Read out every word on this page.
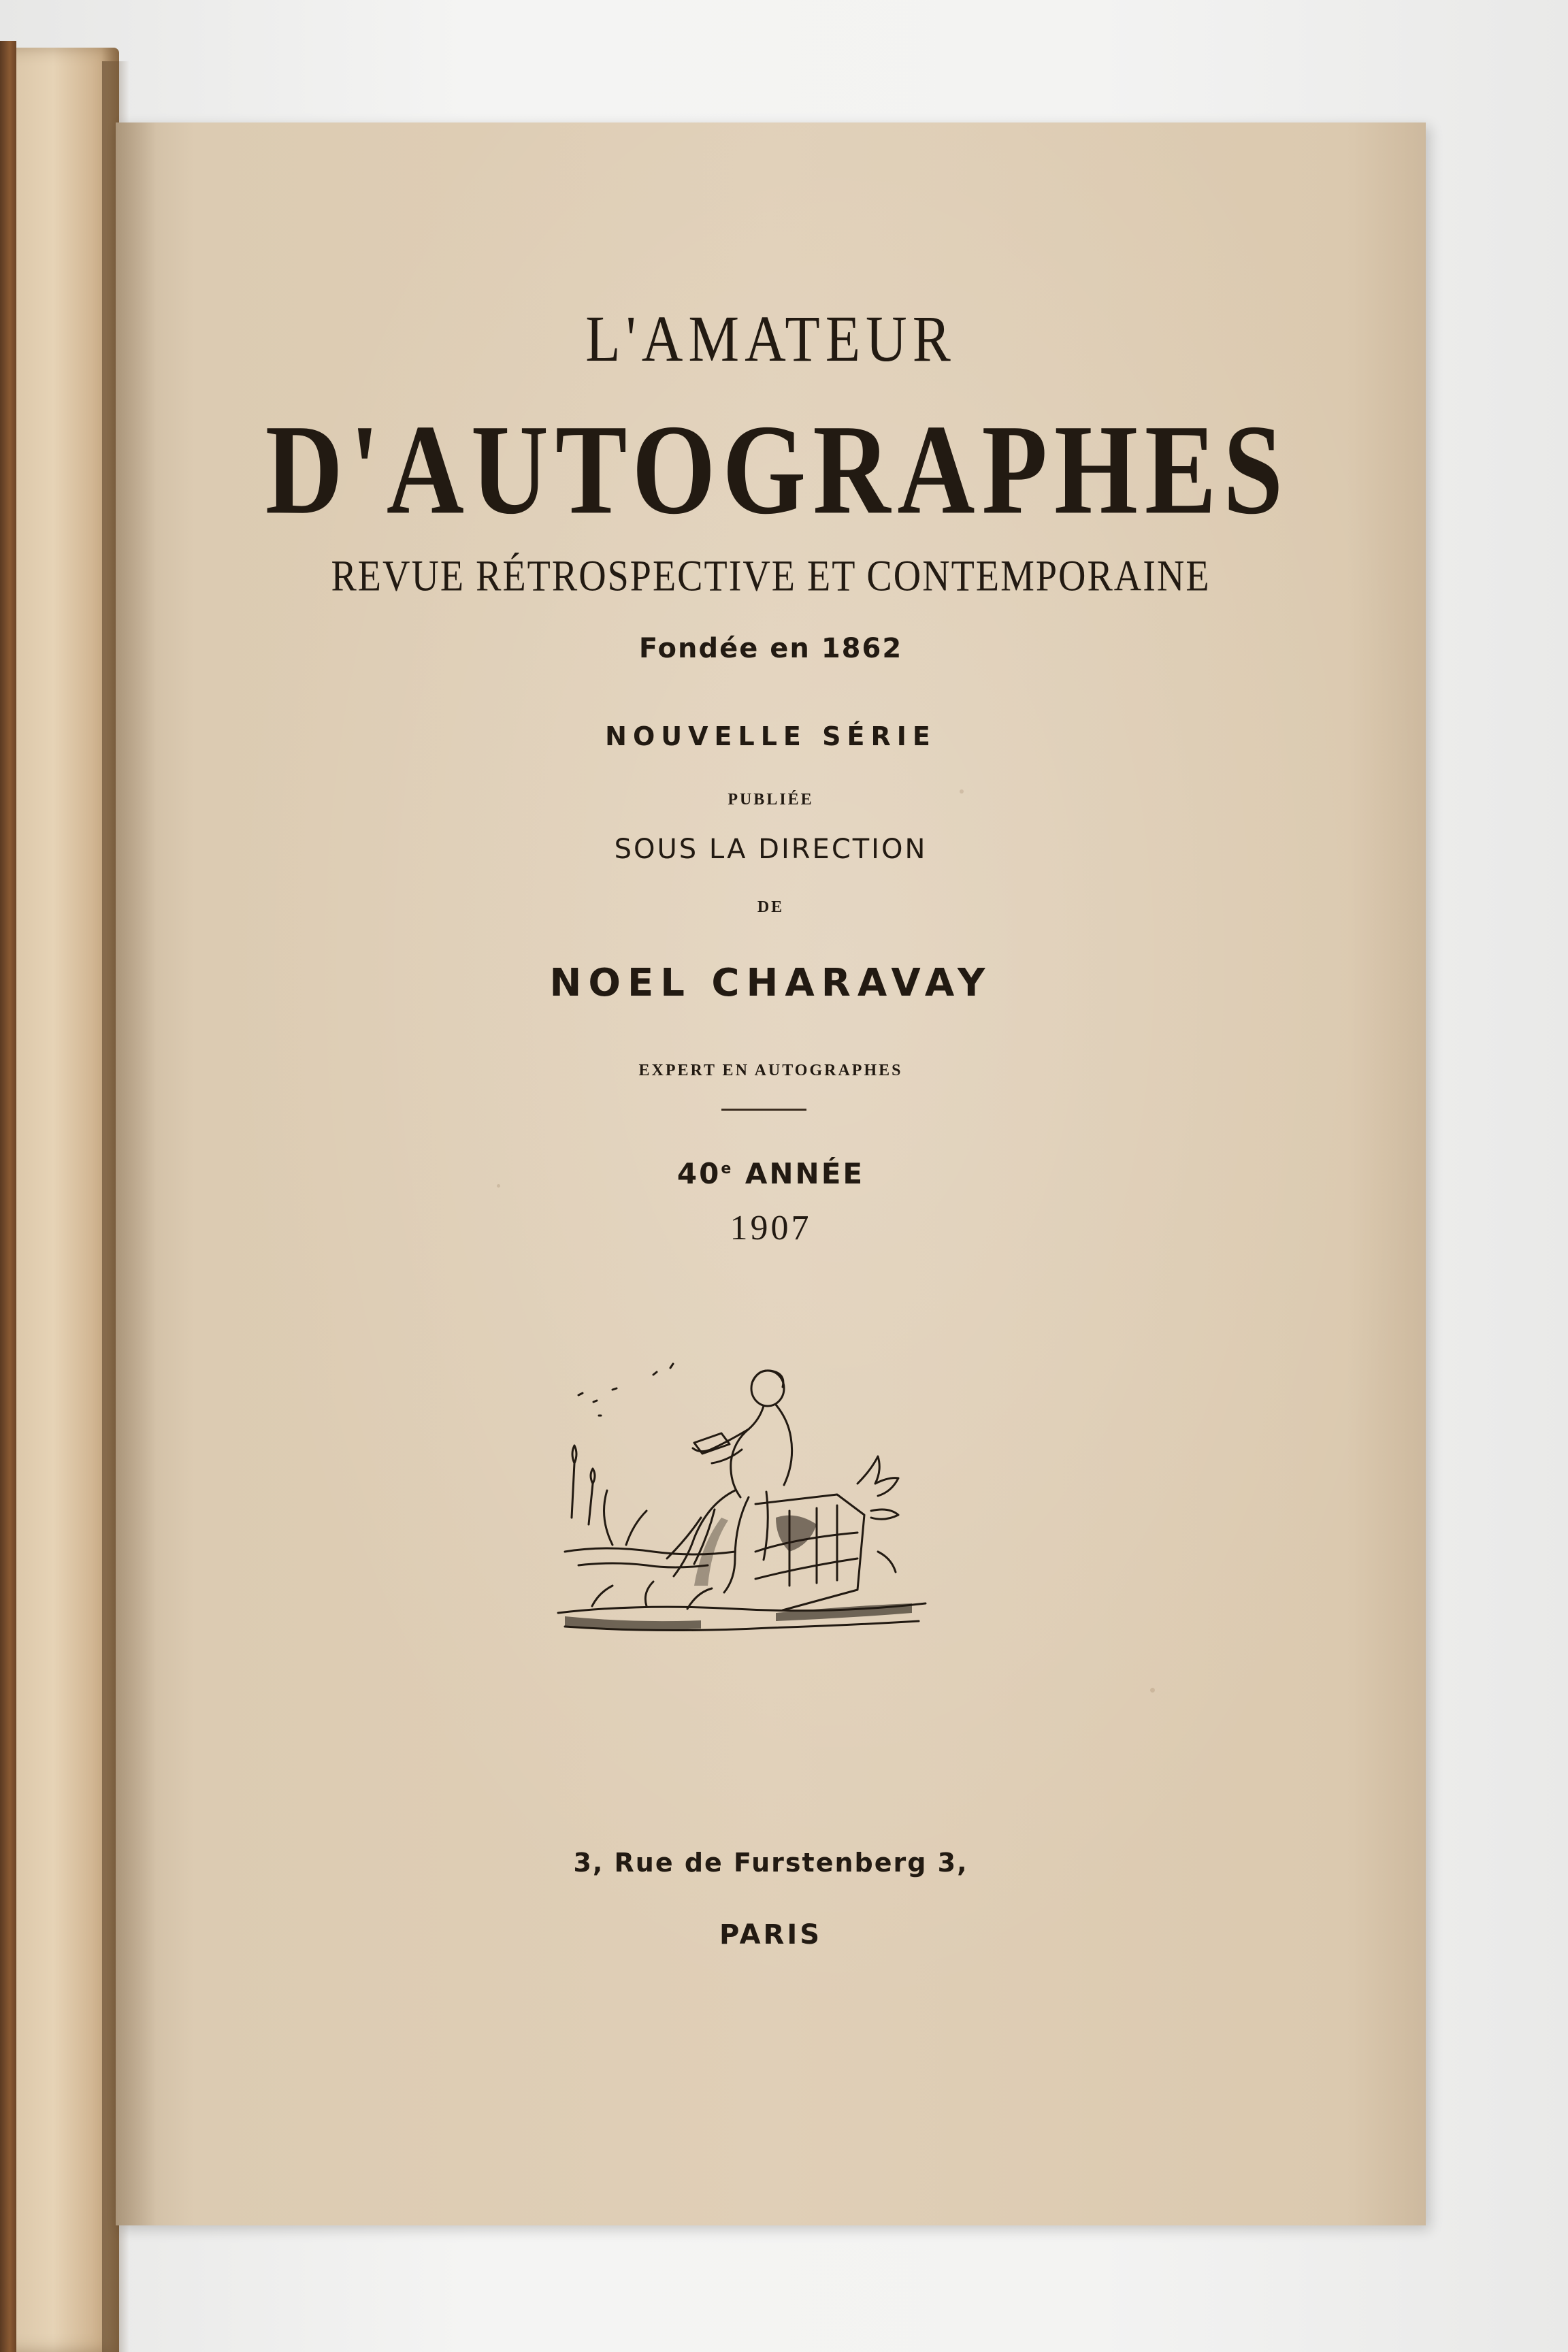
L'AMATEUR
D'AUTOGRAPHES
REVUE RÉTROSPECTIVE ET CONTEMPORAINE
Fondée en 1862
NOUVELLE SÉRIE
PUBLIÉE
SOUS LA DIRECTION
DE
NOEL CHARAVAY
EXPERT EN AUTOGRAPHES
40e ANNÉE
1907
3, Rue de Furstenberg 3,
PARIS
